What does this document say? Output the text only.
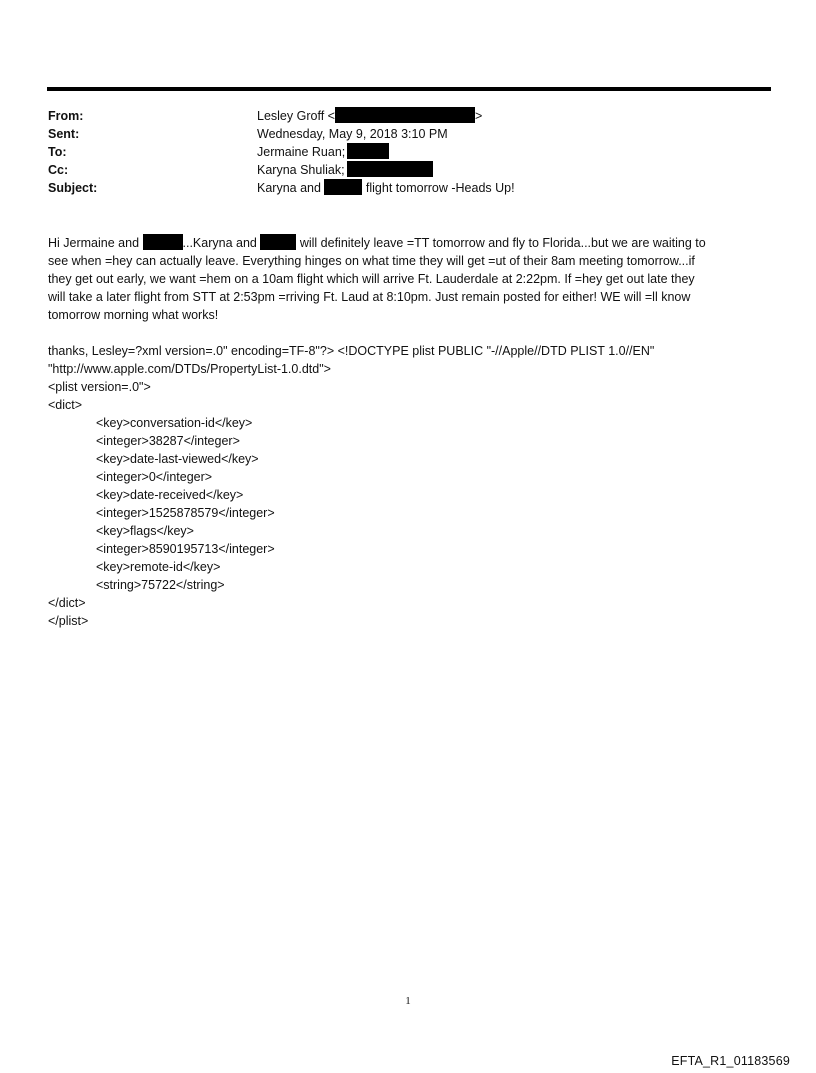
From:	Lesley Groff <	>
Sent:	Wednesday, May 9, 2018 3:10 PM
To:	Jermaine Ruan;
Cc:	Karyna Shuliak;
Subject:	Karyna and	flight tomorrow -Heads Up!
Hi Jermaine and	...Karyna and	will definitely leave =TT tomorrow and fly to Florida...but we are waiting to
see when =hey can actually leave. Everything hinges on what time they will get =ut of their 8am meeting tomorrow...if
they get out early, we want =hem on a 10am flight which will arrive Ft. Lauderdale at 2:22pm. If =hey get out late they
will take a later flight from STT at 2:53pm =rriving Ft. Laud at 8:10pm. Just remain posted for either! WE will =ll know
tomorrow morning what works!
thanks, Lesley=?xml version=.0" encoding=TF-8"?> <!DOCTYPE plist PUBLIC "-//Apple//DTD PLIST 1.0//EN"
"http://www.apple.com/DTDs/PropertyList-1.0.dtd">
<plist version=.0">
<dict>
<key>conversation-id</key>
<integer>38287</integer>
<key>date-last-viewed</key>
<integer>0</integer>
<key>date-received</key>
<integer>1525878579</integer>
<key>flags</key>
<integer>8590195713</integer>
<key>remote-id</key>
<string>75722</string>
</dict>
</plist>
1
EFTA_R1_01183569
